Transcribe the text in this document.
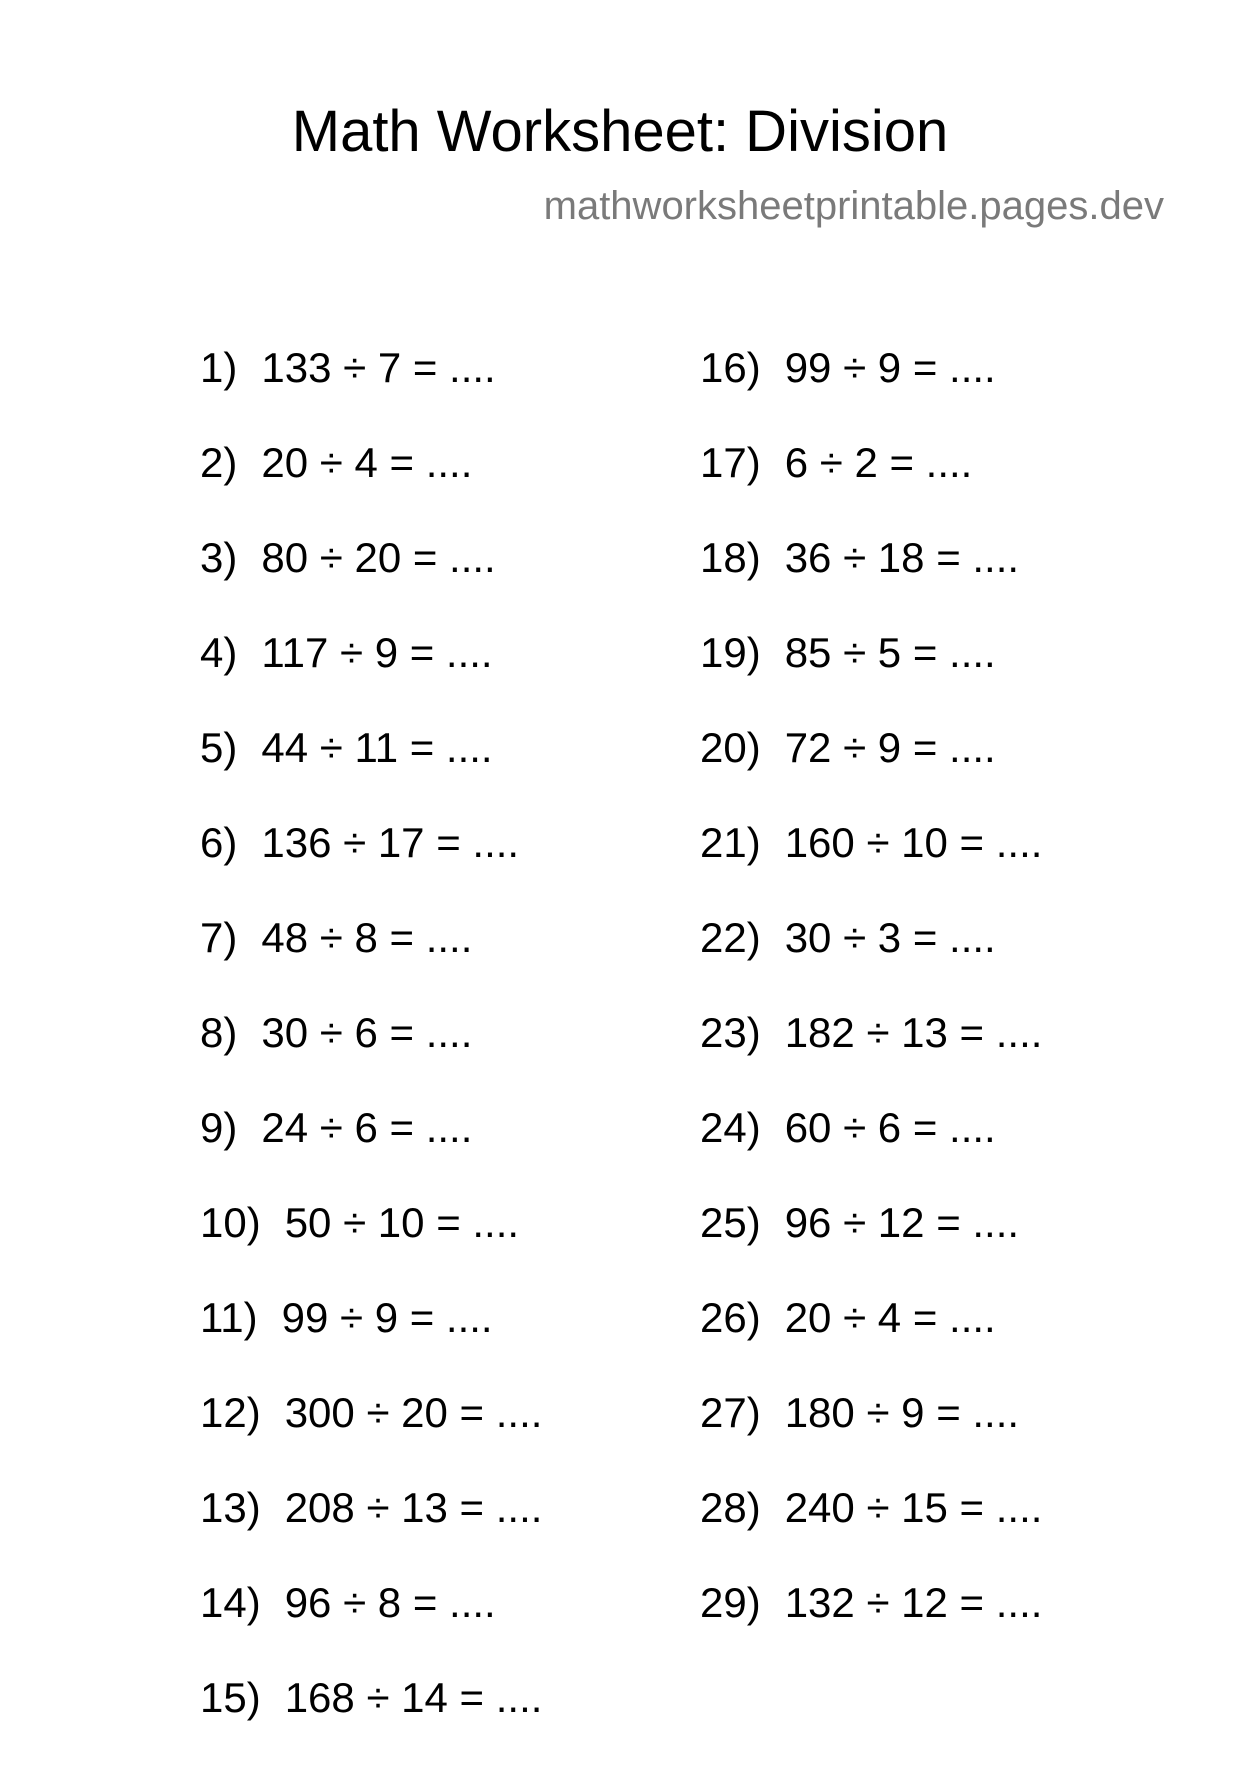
Math Worksheet: Division
mathworksheetprintable.pages.dev
1) 133 ÷ 7 = ....
2) 20 ÷ 4 = ....
3) 80 ÷ 20 = ....
4) 117 ÷ 9 = ....
5) 44 ÷ 11 = ....
6) 136 ÷ 17 = ....
7) 48 ÷ 8 = ....
8) 30 ÷ 6 = ....
9) 24 ÷ 6 = ....
10) 50 ÷ 10 = ....
11) 99 ÷ 9 = ....
12) 300 ÷ 20 = ....
13) 208 ÷ 13 = ....
14) 96 ÷ 8 = ....
15) 168 ÷ 14 = ....
16) 99 ÷ 9 = ....
17) 6 ÷ 2 = ....
18) 36 ÷ 18 = ....
19) 85 ÷ 5 = ....
20) 72 ÷ 9 = ....
21) 160 ÷ 10 = ....
22) 30 ÷ 3 = ....
23) 182 ÷ 13 = ....
24) 60 ÷ 6 = ....
25) 96 ÷ 12 = ....
26) 20 ÷ 4 = ....
27) 180 ÷ 9 = ....
28) 240 ÷ 15 = ....
29) 132 ÷ 12 = ....
